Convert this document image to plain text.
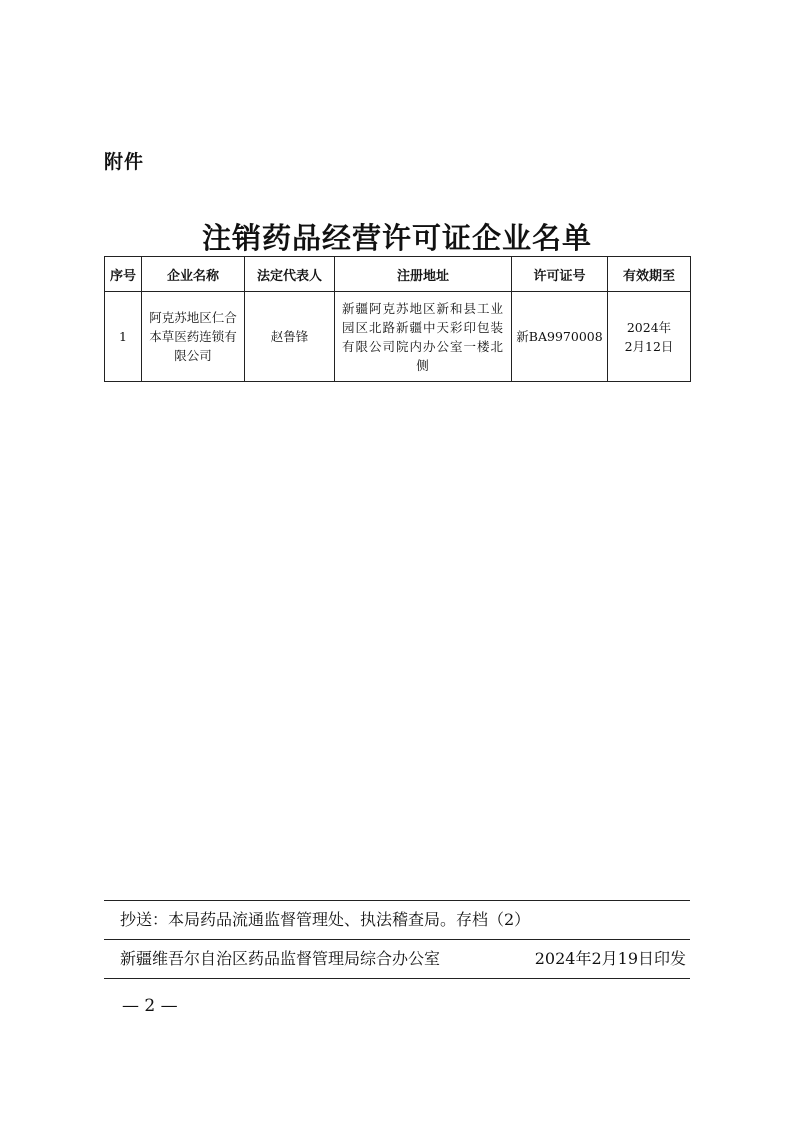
附件
注销药品经营许可证企业名单
序号	企业名称	法定代表人	注册地址	许可证号	有效期至
1	阿克苏地区仁合本草医药连锁有限公司	赵鲁锋	新疆阿克苏地区新和县工业园区北路新疆中天彩印包装有限公司院内办公室一楼北侧	新BA9970008	2024年
2月12日
抄送：本局药品流通监督管理处、执法稽查局。存档（2）
新疆维吾尔自治区药品监督管理局综合办公室	2024年2月19日印发
— 2 —
